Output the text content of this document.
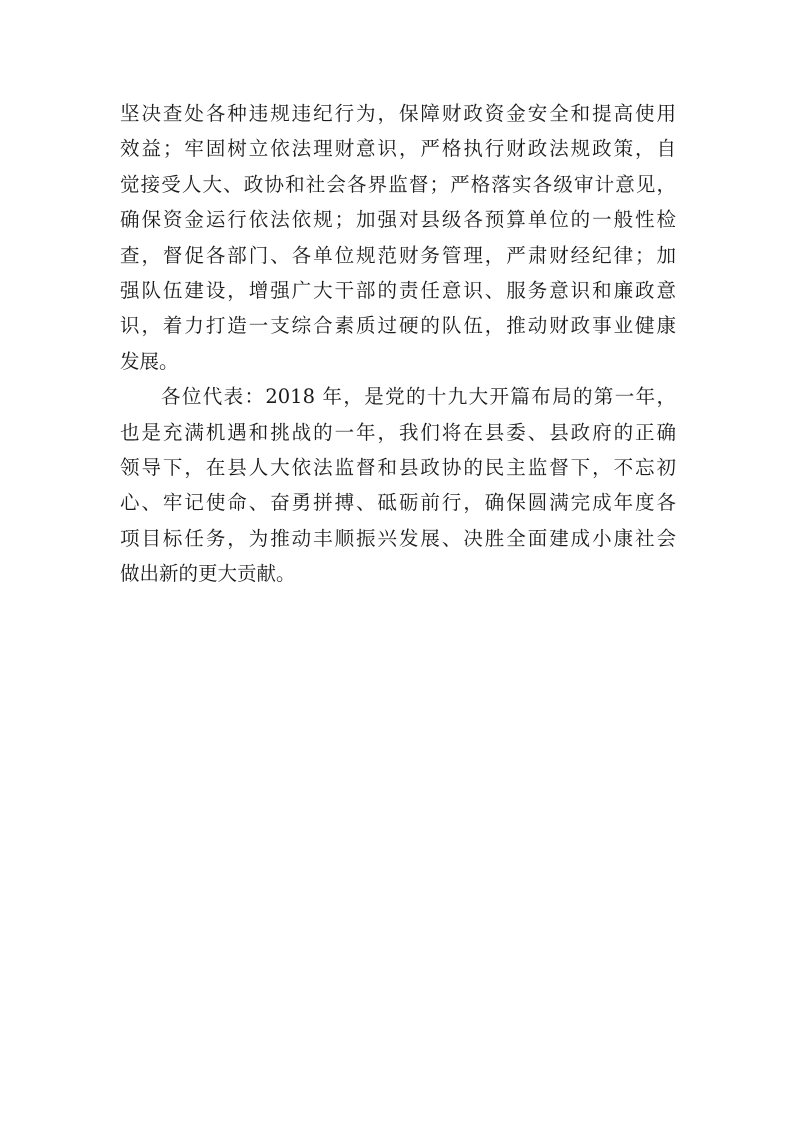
坚决查处各种违规违纪行为，保障财政资金安全和提高使用
效益；牢固树立依法理财意识，严格执行财政法规政策，自
觉接受人大、政协和社会各界监督；严格落实各级审计意见，
确保资金运行依法依规；加强对县级各预算单位的一般性检
查，督促各部门、各单位规范财务管理，严肃财经纪律；加
强队伍建设，增强广大干部的责任意识、服务意识和廉政意
识，着力打造一支综合素质过硬的队伍，推动财政事业健康
发展。
各位代表：2018 年，是党的十九大开篇布局的第一年，
也是充满机遇和挑战的一年，我们将在县委、县政府的正确
领导下，在县人大依法监督和县政协的民主监督下，不忘初
心、牢记使命、奋勇拼搏、砥砺前行，确保圆满完成年度各
项目标任务，为推动丰顺振兴发展、决胜全面建成小康社会
做出新的更大贡献。
